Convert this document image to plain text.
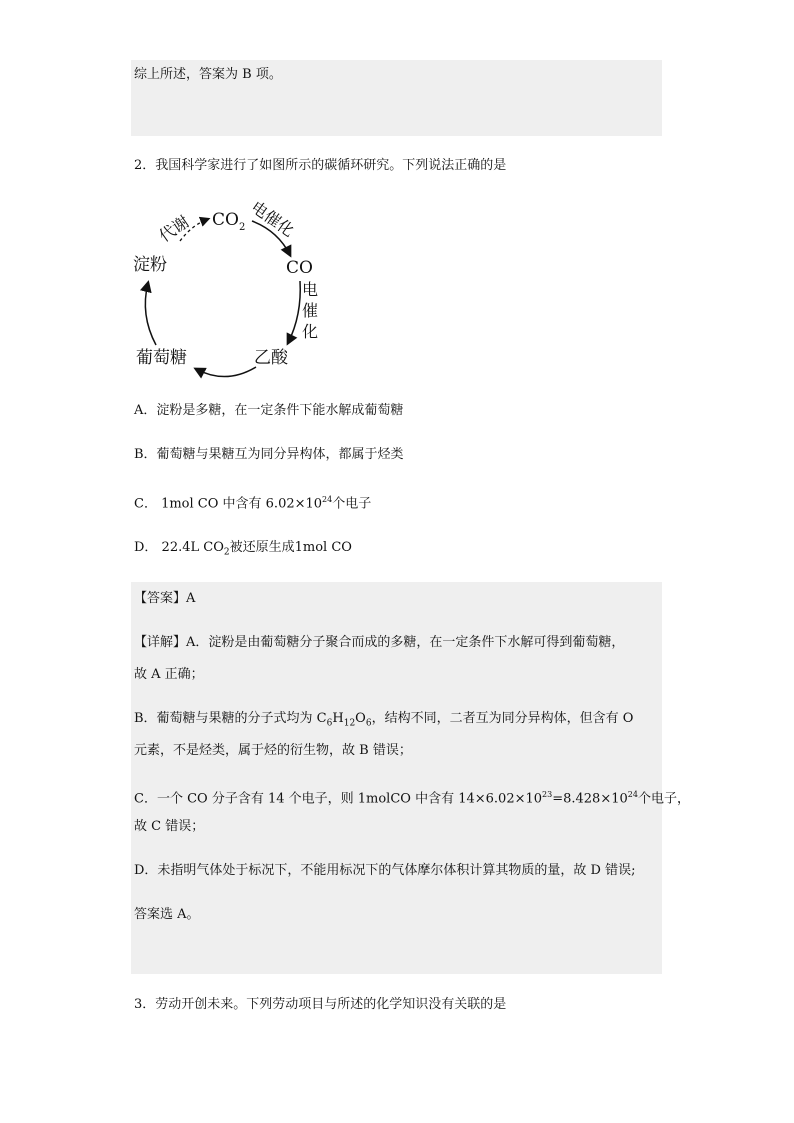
综上所述，答案为 B 项。
2．我国科学家进行了如图所示的碳循环研究。下列说法正确的是
$CO_2$
CO
淀粉
葡萄糖	乙酸
代谢	电催化
电
催
化
A．淀粉是多糖，在一定条件下能水解成葡萄糖
B．葡萄糖与果糖互为同分异构体，都属于烃类
C． 1mol CO 中含有 $6.02\times 10^{24}$个电子
D． 22.4L $CO_2$被还原生成1mol CO
【答案】A
【详解】A．淀粉是由葡萄糖分子聚合而成的多糖，在一定条件下水解可得到葡萄糖，
故 A 正确；
B．葡萄糖与果糖的分子式均为 $C_6H_{12}O_6$，结构不同，二者互为同分异构体，但含有 O
元素，不是烃类，属于烃的衍生物，故 B 错误；
C．一个 CO 分子含有 14 个电子，则 1molCO 中含有 $14\times 6.02\times 10^{23}=8.428\times 10^{24}$个电子，
故 C 错误；
D．未指明气体处于标况下，不能用标况下的气体摩尔体积计算其物质的量，故 D 错误;
答案选 A。
3．劳动开创未来。下列劳动项目与所述的化学知识没有关联的是
